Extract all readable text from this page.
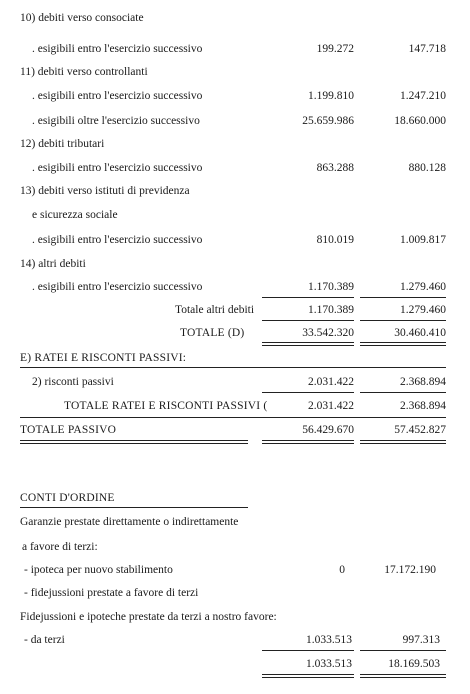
10) debiti verso consociate
. esigibili entro l'esercizio successivo	199.272	147.718
11) debiti verso controllanti
. esigibili entro l'esercizio successivo	1.199.810	1.247.210
. esigibili oltre l'esercizio successivo	25.659.986	18.660.000
12) debiti tributari
. esigibili entro l'esercizio successivo	863.288	880.128
13) debiti verso istituti di previdenza
e sicurezza sociale
. esigibili entro l'esercizio successivo	810.019	1.009.817
14) altri debiti
. esigibili entro l'esercizio successivo	1.170.389	1.279.460
Totale altri debiti	1.170.389	1.279.460
TOTALE (D)	33.542.320	30.460.410
E) RATEI E RISCONTI PASSIVI:
2) risconti passivi	2.031.422	2.368.894
TOTALE RATEI E RISCONTI PASSIVI (	2.031.422	2.368.894
TOTALE PASSIVO	56.429.670	57.452.827
CONTI D'ORDINE
Garanzie prestate direttamente o indirettamente
a favore di terzi:
- ipoteca per nuovo stabilimento	0	17.172.190
- fidejussioni prestate a favore di terzi
Fidejussioni e ipoteche prestate da terzi a nostro favore:
- da terzi	1.033.513	997.313
1.033.513	18.169.503
